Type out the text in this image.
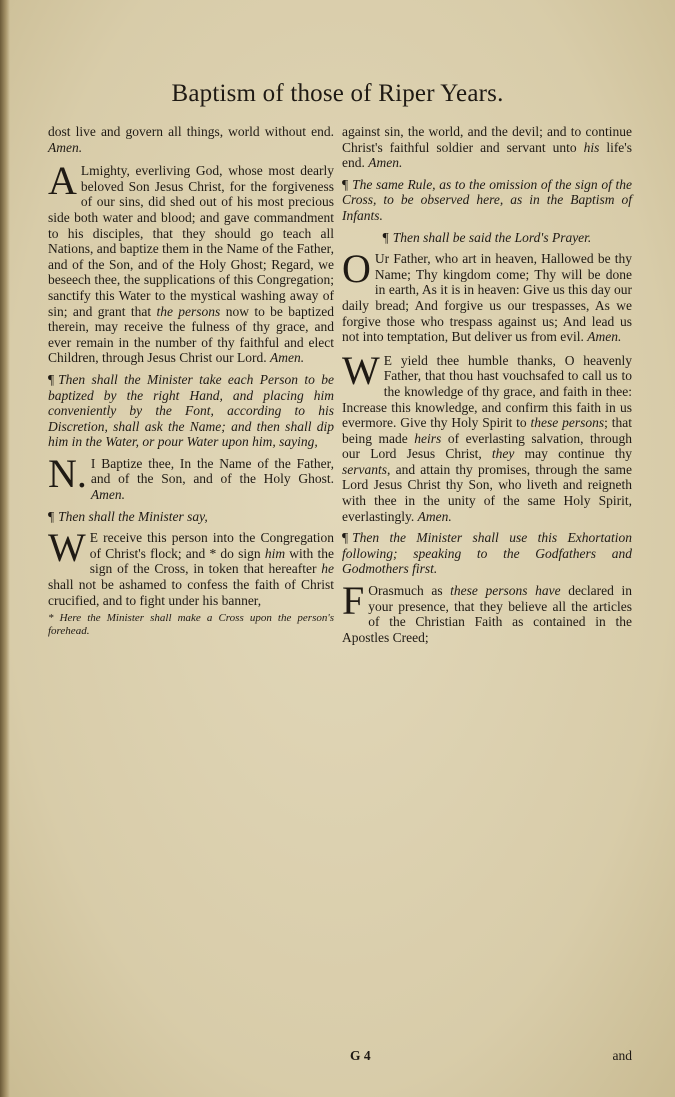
Baptism of those of Riper Years.

dost live and govern all things, world without end. Amen.

A Lmighty, everliving God, whose most dearly beloved Son Jesus Christ, for the forgiveness of our sins, did shed out of his most precious side both water and blood; and gave commandment to his disciples, that they should go teach all Nations, and baptize them in the Name of the Father, and of the Son, and of the Holy Ghost; Regard, we beseech thee, the supplications of this Congregation; sanctify this Water to the mystical washing away of sin; and grant that the persons now to be baptized therein, may receive the fulness of thy grace, and ever remain in the number of thy faithful and elect Children, through Jesus Christ our Lord. Amen.

¶ Then shall the Minister take each Person to be baptized by the right Hand, and placing him conveniently by the Font, according to his Discretion, shall ask the Name; and then shall dip him in the Water, or pour Water upon him, saying,

N. I Baptize thee, In the Name of the Father, and of the Son, and of the Holy Ghost. Amen.

¶ Then shall the Minister say,

W E receive this person into the Congregation of Christ's flock; and * do sign him with the sign of the Cross, in token that hereafter he shall not be ashamed to confess the faith of Christ crucified, and to fight under his banner,

* Here the Minister shall make a Cross upon the person's forehead.

against sin, the world, and the devil; and to continue Christ's faithful soldier and servant unto his life's end. Amen.

¶ The same Rule, as to the omission of the sign of the Cross, to be observed here, as in the Baptism of Infants.

¶ Then shall be said the Lord's Prayer.

O Ur Father, who art in heaven, Hallowed be thy Name; Thy kingdom come; Thy will be done in earth, As it is in heaven: Give us this day our daily bread; And forgive us our trespasses, As we forgive those who trespass against us; And lead us not into temptation, But deliver us from evil. Amen.

W E yield thee humble thanks, O heavenly Father, that thou hast vouchsafed to call us to the knowledge of thy grace, and faith in thee: Increase this knowledge, and confirm this faith in us evermore. Give thy Holy Spirit to these persons; that being made heirs of everlasting salvation, through our Lord Jesus Christ, they may continue thy servants, and attain thy promises, through the same Lord Jesus Christ thy Son, who liveth and reigneth with thee in the unity of the same Holy Spirit, everlastingly. Amen.

¶ Then the Minister shall use this Exhortation following; speaking to the Godfathers and Godmothers first.

F Orasmuch as these persons have declared in your presence, that they believe all the articles of the Christian Faith as contained in the Apostles Creed;

G 4	and
